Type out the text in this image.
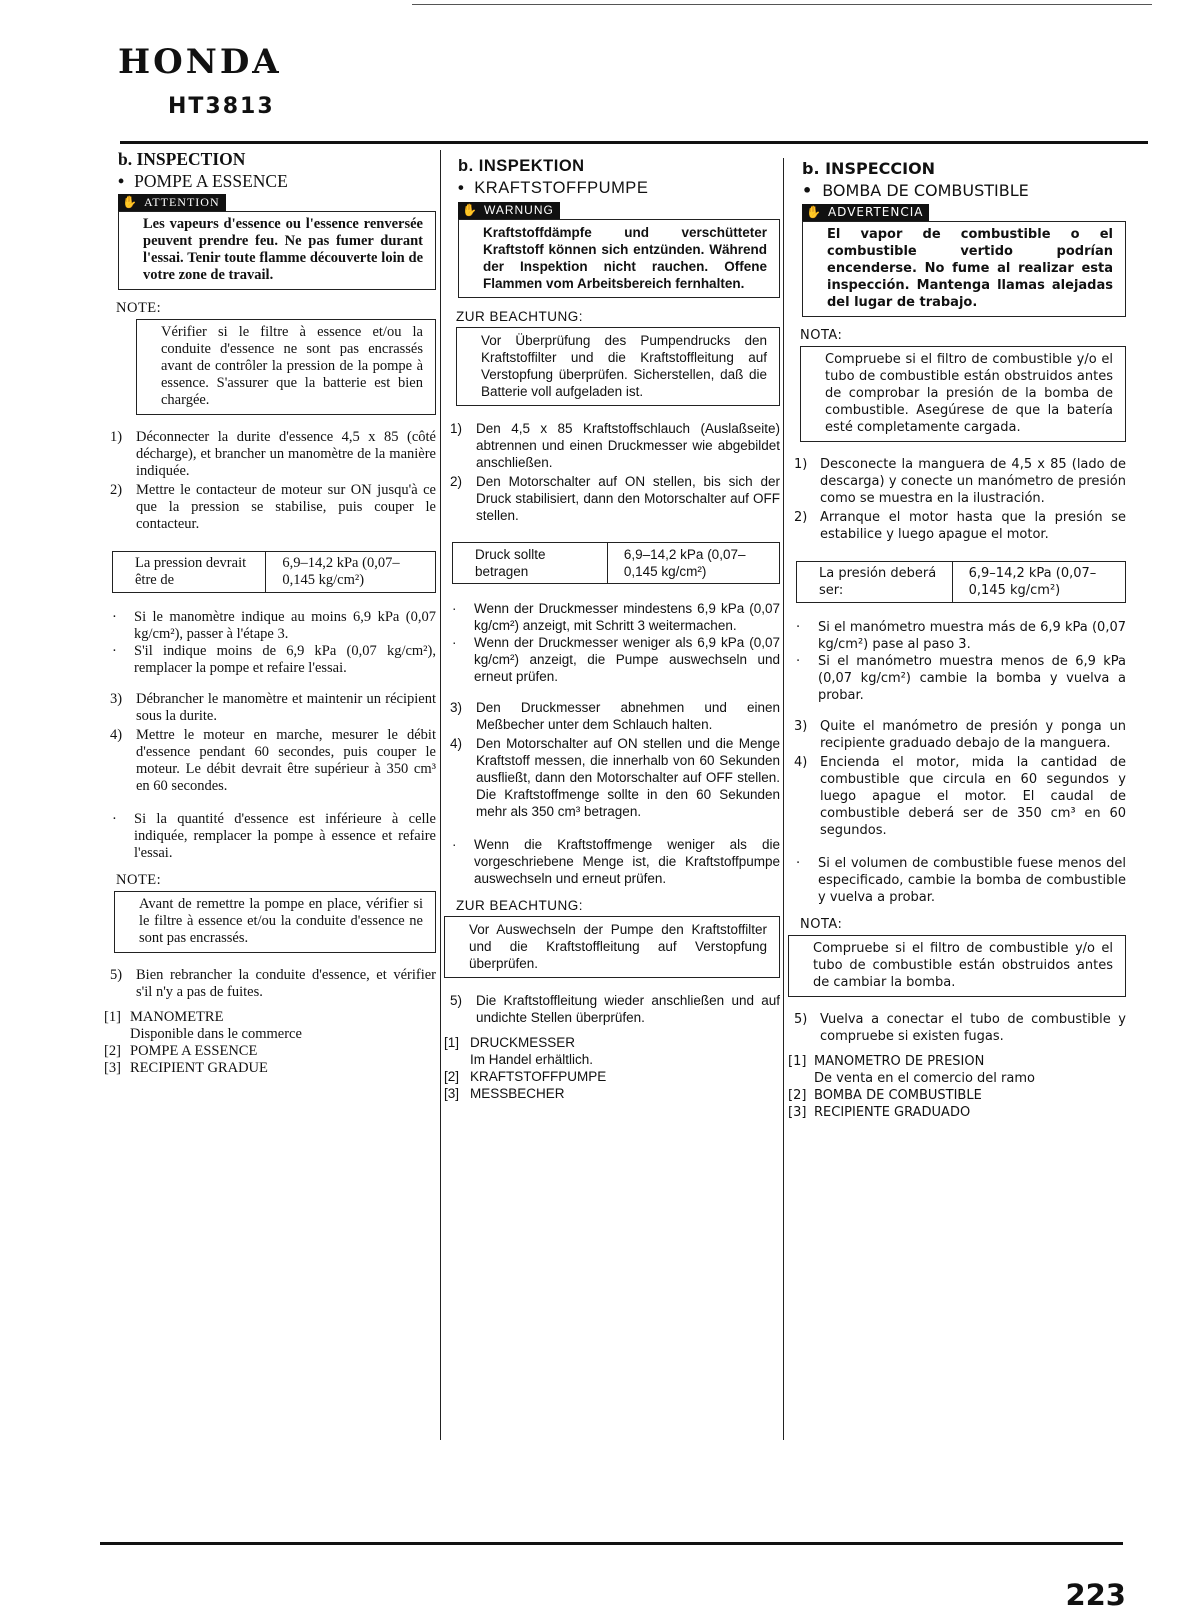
HONDA
HT3813
b. INSPECTION
• POMPE A ESSENCE
✋ ATTENTION
Les vapeurs d'essence ou l'essence renversée peuvent prendre feu. Ne pas fumer durant l'essai. Tenir toute flamme découverte loin de votre zone de travail.
NOTE:
Vérifier si le filtre à essence et/ou la conduite d'essence ne sont pas encrassés avant de contrôler la pression de la pompe à essence. S'assurer que la batterie est bien chargée.
1) Déconnecter la durite d'essence 4,5 x 85 (côté décharge), et brancher un manomètre de la manière indiquée.
2) Mettre le contacteur de moteur sur ON jusqu'à ce que la pression se stabilise, puis couper le contacteur.
La pression devrait être de
6,9–14,2 kPa (0,07–0,145 kg/cm²)
· Si le manomètre indique au moins 6,9 kPa (0,07 kg/cm²), passer à l'étape 3.
· S'il indique moins de 6,9 kPa (0,07 kg/cm²), remplacer la pompe et refaire l'essai.
3) Débrancher le manomètre et maintenir un récipient sous la durite.
4) Mettre le moteur en marche, mesurer le débit d'essence pendant 60 secondes, puis couper le moteur. Le débit devrait être supérieur à 350 cm³ en 60 secondes.
· Si la quantité d'essence est inférieure à celle indiquée, remplacer la pompe à essence et refaire l'essai.
NOTE:
Avant de remettre la pompe en place, vérifier si le filtre à essence et/ou la conduite d'essence ne sont pas encrassés.
5) Bien rebrancher la conduite d'essence, et vérifier s'il n'y a pas de fuites.
[1] MANOMETRE
Disponible dans le commerce
[2] POMPE A ESSENCE
[3] RECIPIENT GRADUE
b. INSPEKTION
• KRAFTSTOFFPUMPE
✋ WARNUNG
Kraftstoffdämpfe und verschütteter Kraftstoff können sich entzünden. Während der Inspektion nicht rauchen. Offene Flammen vom Arbeitsbereich fernhalten.
ZUR BEACHTUNG:
Vor Überprüfung des Pumpendrucks den Kraftstoffilter und die Kraftstoffleitung auf Verstopfung überprüfen. Sicherstellen, daß die Batterie voll aufgeladen ist.
1) Den 4,5 x 85 Kraftstoffschlauch (Auslaßseite) abtrennen und einen Druckmesser wie abgebildet anschließen.
2) Den Motorschalter auf ON stellen, bis sich der Druck stabilisiert, dann den Motorschalter auf OFF stellen.
Druck sollte betragen
6,9–14,2 kPa (0,07–0,145 kg/cm²)
· Wenn der Druckmesser mindestens 6,9 kPa (0,07 kg/cm²) anzeigt, mit Schritt 3 weitermachen.
· Wenn der Druckmesser weniger als 6,9 kPa (0,07 kg/cm²) anzeigt, die Pumpe auswechseln und erneut prüfen.
3) Den Druckmesser abnehmen und einen Meßbecher unter dem Schlauch halten.
4) Den Motorschalter auf ON stellen und die Menge Kraftstoff messen, die innerhalb von 60 Sekunden ausfließt, dann den Motorschalter auf OFF stellen. Die Kraftstoffmenge sollte in den 60 Sekunden mehr als 350 cm³ betragen.
· Wenn die Kraftstoffmenge weniger als die vorgeschriebene Menge ist, die Kraftstoffpumpe auswechseln und erneut prüfen.
ZUR BEACHTUNG:
Vor Auswechseln der Pumpe den Kraftstoffilter und die Kraftstoffleitung auf Verstopfung überprüfen.
5) Die Kraftstoffleitung wieder anschließen und auf undichte Stellen überprüfen.
[1] DRUCKMESSER
Im Handel erhältlich.
[2] KRAFTSTOFFPUMPE
[3] MESSBECHER
b. INSPECCION
• BOMBA DE COMBUSTIBLE
✋ ADVERTENCIA
El vapor de combustible o el combustible vertido podrían encenderse. No fume al realizar esta inspección. Mantenga llamas alejadas del lugar de trabajo.
NOTA:
Compruebe si el filtro de combustible y/o el tubo de combustible están obstruidos antes de comprobar la presión de la bomba de combustible. Asegúrese de que la batería esté completamente cargada.
1) Desconecte la manguera de 4,5 x 85 (lado de descarga) y conecte un manómetro de presión como se muestra en la ilustración.
2) Arranque el motor hasta que la presión se estabilice y luego apague el motor.
La presión deberá ser:
6,9–14,2 kPa (0,07–0,145 kg/cm²)
· Si el manómetro muestra más de 6,9 kPa (0,07 kg/cm²) pase al paso 3.
· Si el manómetro muestra menos de 6,9 kPa (0,07 kg/cm²) cambie la bomba y vuelva a probar.
3) Quite el manómetro de presión y ponga un recipiente graduado debajo de la manguera.
4) Encienda el motor, mida la cantidad de combustible que circula en 60 segundos y luego apague el motor. El caudal de combustible deberá ser de 350 cm³ en 60 segundos.
· Si el volumen de combustible fuese menos del especificado, cambie la bomba de combustible y vuelva a probar.
NOTA:
Compruebe si el filtro de combustible y/o el tubo de combustible están obstruidos antes de cambiar la bomba.
5) Vuelva a conectar el tubo de combustible y compruebe si existen fugas.
[1] MANOMETRO DE PRESION
De venta en el comercio del ramo
[2] BOMBA DE COMBUSTIBLE
[3] RECIPIENTE GRADUADO
223
